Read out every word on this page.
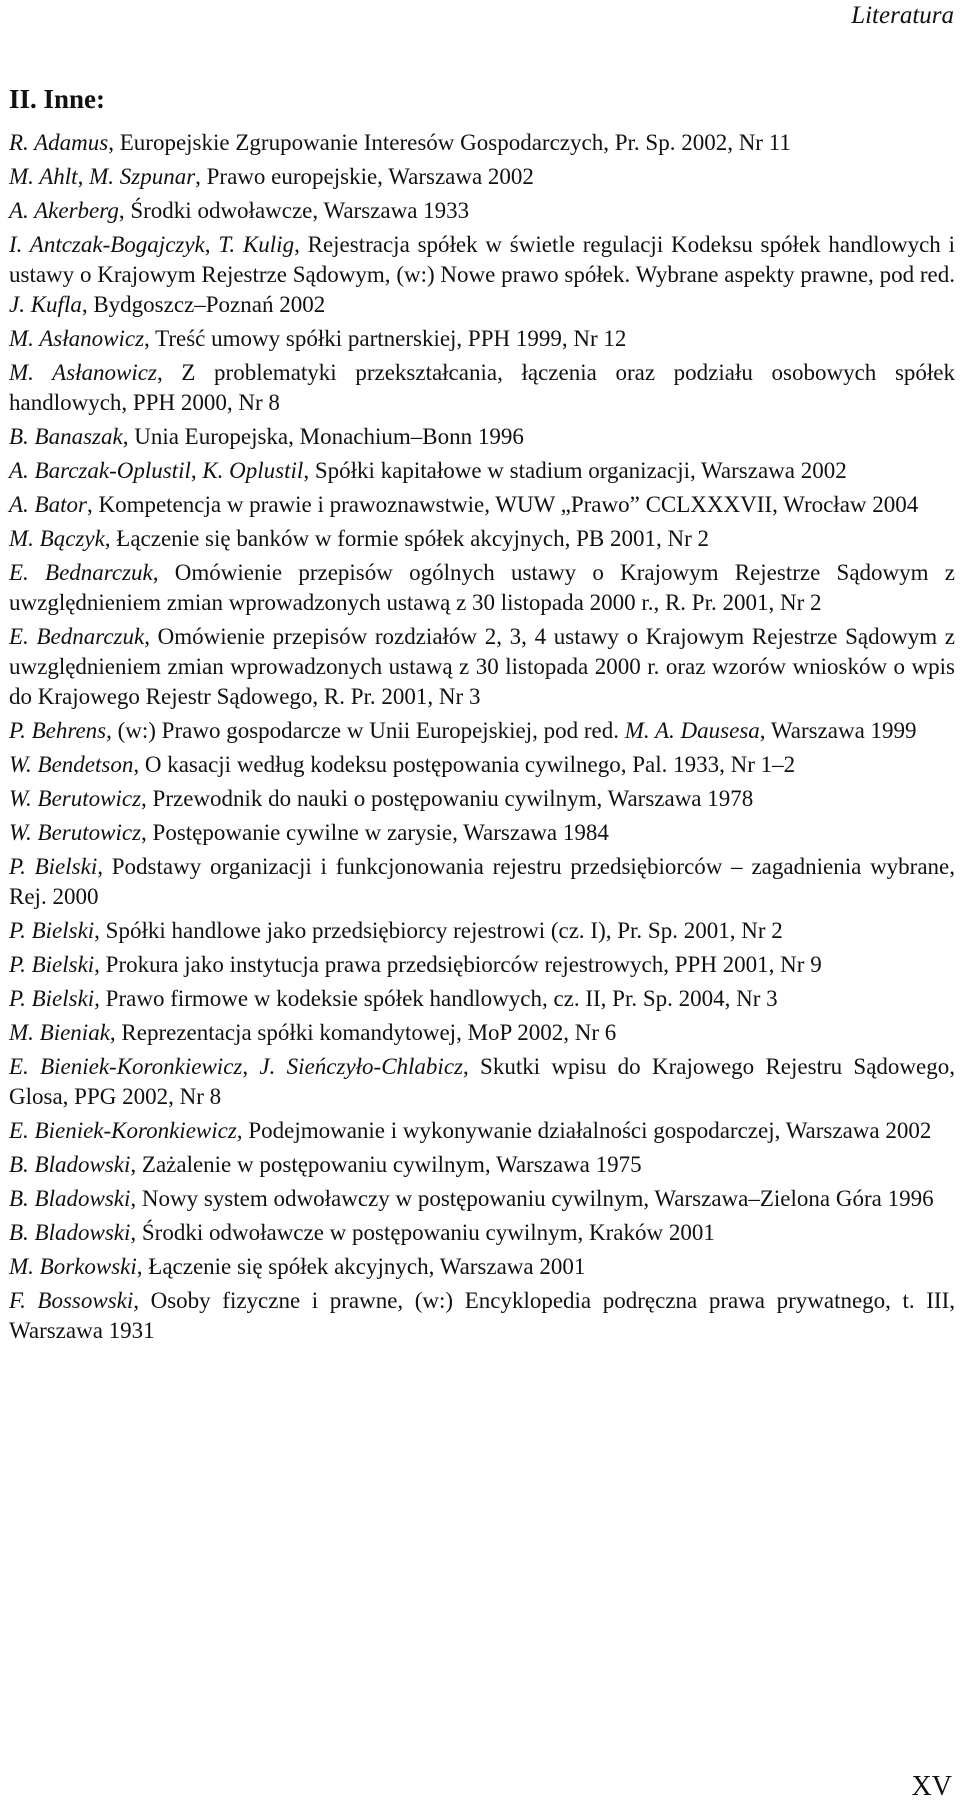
Literatura
II. Inne:
R. Adamus, Europejskie Zgrupowanie Interesów Gospodarczych, Pr. Sp. 2002, Nr 11
M. Ahlt, M. Szpunar, Prawo europejskie, Warszawa 2002
A. Akerberg, Środki odwoławcze, Warszawa 1933
I. Antczak-Bogajczyk, T. Kulig, Rejestracja spółek w świetle regulacji Kodeksu spółek handlowych i ustawy o Krajowym Rejestrze Sądowym, (w:) Nowe prawo spółek. Wybrane aspekty prawne, pod red. J. Kufla, Bydgoszcz–Poznań 2002
M. Asłanowicz, Treść umowy spółki partnerskiej, PPH 1999, Nr 12
M. Asłanowicz, Z problematyki przekształcania, łączenia oraz podziału osobowych spółek handlowych, PPH 2000, Nr 8
B. Banaszak, Unia Europejska, Monachium–Bonn 1996
A. Barczak-Oplustil, K. Oplustil, Spółki kapitałowe w stadium organizacji, Warszawa 2002
A. Bator, Kompetencja w prawie i prawoznawstwie, WUW „Prawo” CCLXXXVII, Wrocław 2004
M. Bączyk, Łączenie się banków w formie spółek akcyjnych, PB 2001, Nr 2
E. Bednarczuk, Omówienie przepisów ogólnych ustawy o Krajowym Rejestrze Sądowym z uwzględnieniem zmian wprowadzonych ustawą z 30 listopada 2000 r., R. Pr. 2001, Nr 2
E. Bednarczuk, Omówienie przepisów rozdziałów 2, 3, 4 ustawy o Krajowym Rejestrze Sądowym z uwzględnieniem zmian wprowadzonych ustawą z 30 listopada 2000 r. oraz wzorów wniosków o wpis do Krajowego Rejestr Sądowego, R. Pr. 2001, Nr 3
P. Behrens, (w:) Prawo gospodarcze w Unii Europejskiej, pod red. M. A. Dausesa, Warszawa 1999
W. Bendetson, O kasacji według kodeksu postępowania cywilnego, Pal. 1933, Nr 1–2
W. Berutowicz, Przewodnik do nauki o postępowaniu cywilnym, Warszawa 1978
W. Berutowicz, Postępowanie cywilne w zarysie, Warszawa 1984
P. Bielski, Podstawy organizacji i funkcjonowania rejestru przedsiębiorców – zagadnienia wybrane, Rej. 2000
P. Bielski, Spółki handlowe jako przedsiębiorcy rejestrowi (cz. I), Pr. Sp. 2001, Nr 2
P. Bielski, Prokura jako instytucja prawa przedsiębiorców rejestrowych, PPH 2001, Nr 9
P. Bielski, Prawo firmowe w kodeksie spółek handlowych, cz. II, Pr. Sp. 2004, Nr 3
M. Bieniak, Reprezentacja spółki komandytowej, MoP 2002, Nr 6
E. Bieniek-Koronkiewicz, J. Sieńczyło-Chlabicz, Skutki wpisu do Krajowego Rejestru Sądowego, Glosa, PPG 2002, Nr 8
E. Bieniek-Koronkiewicz, Podejmowanie i wykonywanie działalności gospodarczej, Warszawa 2002
B. Bladowski, Zażalenie w postępowaniu cywilnym, Warszawa 1975
B. Bladowski, Nowy system odwoławczy w postępowaniu cywilnym, Warszawa–Zielona Góra 1996
B. Bladowski, Środki odwoławcze w postępowaniu cywilnym, Kraków 2001
M. Borkowski, Łączenie się spółek akcyjnych, Warszawa 2001
F. Bossowski, Osoby fizyczne i prawne, (w:) Encyklopedia podręczna prawa prywatnego, t. III, Warszawa 1931
XV
